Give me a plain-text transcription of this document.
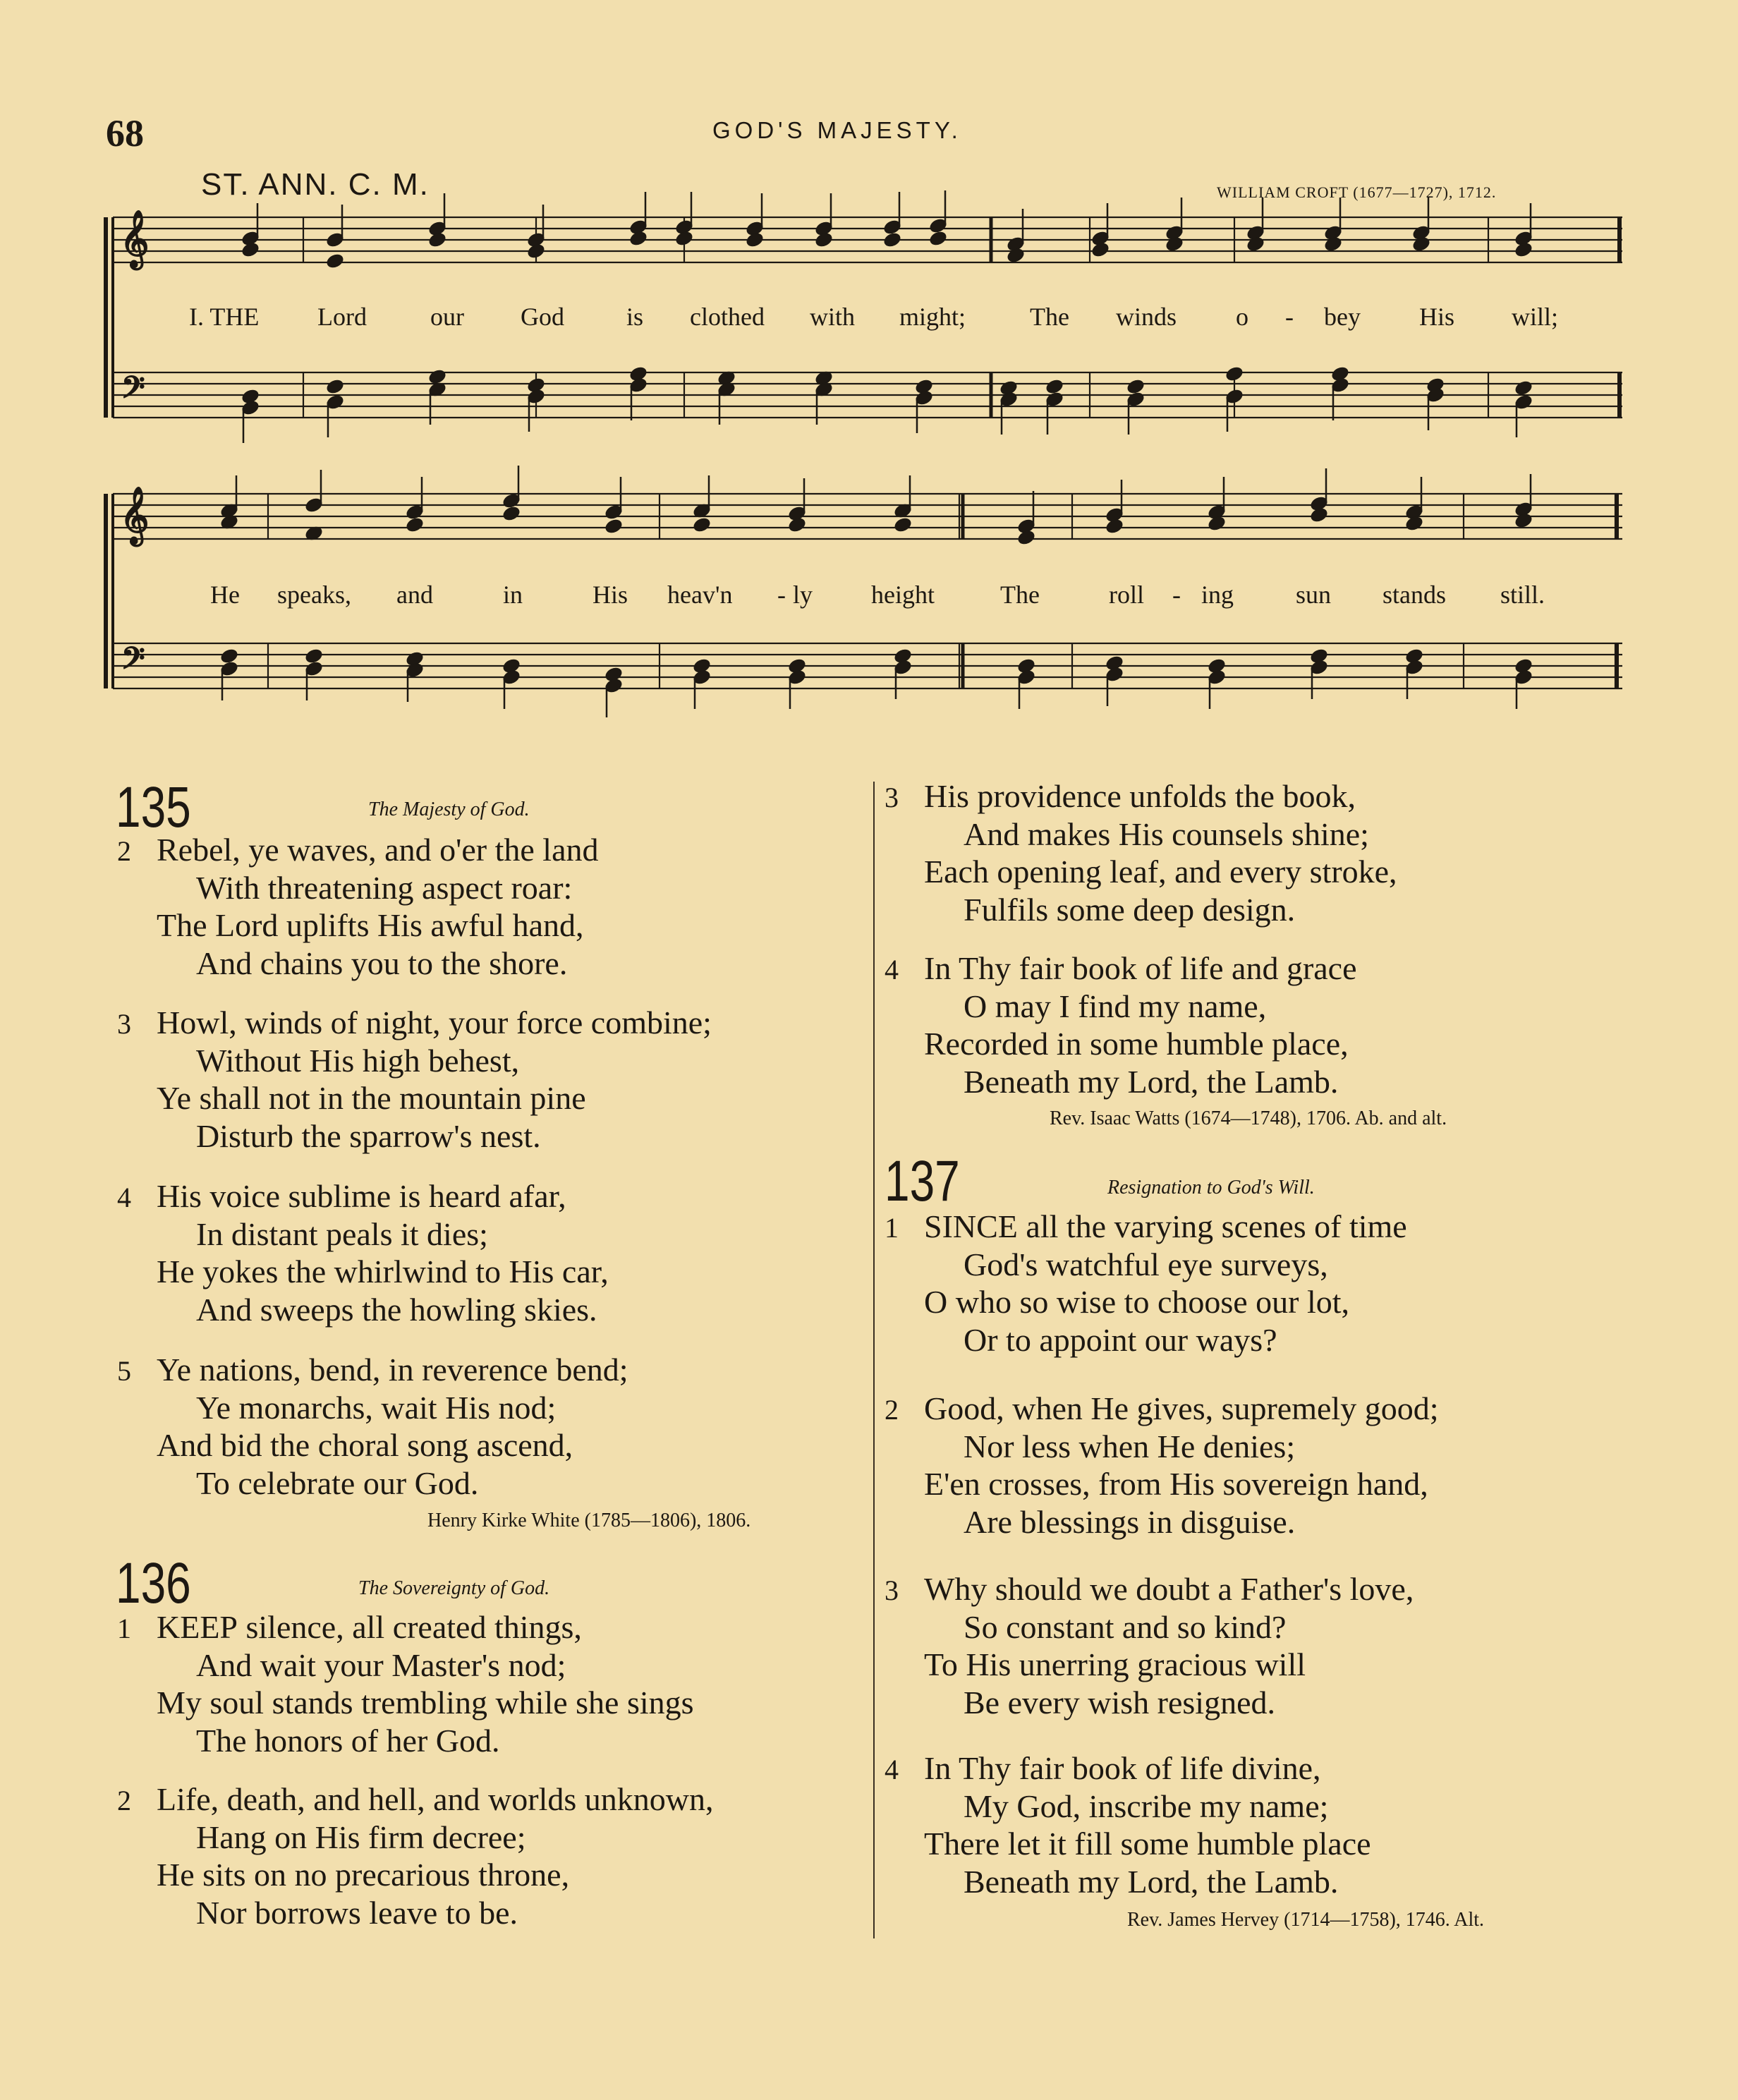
68	GOD'S MAJESTY.
ST. ANN. C. M.	WILLIAM CROFT (1677—1727), 1712.
𝄞
𝄞
𝄢
𝄢
I. THE Lord	our God is clothed with might;	The winds o - bey His will;
He speaks, and	in	His heav'n - ly height	The	roll - ing sun stands still.
135	The Majesty of God.
2 Rebel, ye waves, and o'er the land
With threatening aspect roar:
The Lord uplifts His awful hand,
And chains you to the shore.
3 Howl, winds of night, your force combine;
Without His high behest,
Ye shall not in the mountain pine
Disturb the sparrow's nest.
4 His voice sublime is heard afar,
In distant peals it dies;
He yokes the whirlwind to His car,
And sweeps the howling skies.
5 Ye nations, bend, in reverence bend;
Ye monarchs, wait His nod;
And bid the choral song ascend,
To celebrate our God.
Henry Kirke White (1785—1806), 1806.
136	The Sovereignty of God.
1 KEEP silence, all created things,
And wait your Master's nod;
My soul stands trembling while she sings
The honors of her God.
2 Life, death, and hell, and worlds unknown,
Hang on His firm decree;
He sits on no precarious throne,
Nor borrows leave to be.
3 His providence unfolds the book,
And makes His counsels shine;
Each opening leaf, and every stroke,
Fulfils some deep design.
4 In Thy fair book of life and grace
O may I find my name,
Recorded in some humble place,
Beneath my Lord, the Lamb.
Rev. Isaac Watts (1674—1748), 1706. Ab. and alt.
137	Resignation to God's Will.
1 SINCE all the varying scenes of time
God's watchful eye surveys,
O who so wise to choose our lot,
Or to appoint our ways?
2 Good, when He gives, supremely good;
Nor less when He denies;
E'en crosses, from His sovereign hand,
Are blessings in disguise.
3 Why should we doubt a Father's love,
So constant and so kind?
To His unerring gracious will
Be every wish resigned.
4 In Thy fair book of life divine,
My God, inscribe my name;
There let it fill some humble place
Beneath my Lord, the Lamb.
Rev. James Hervey (1714—1758), 1746. Alt.
